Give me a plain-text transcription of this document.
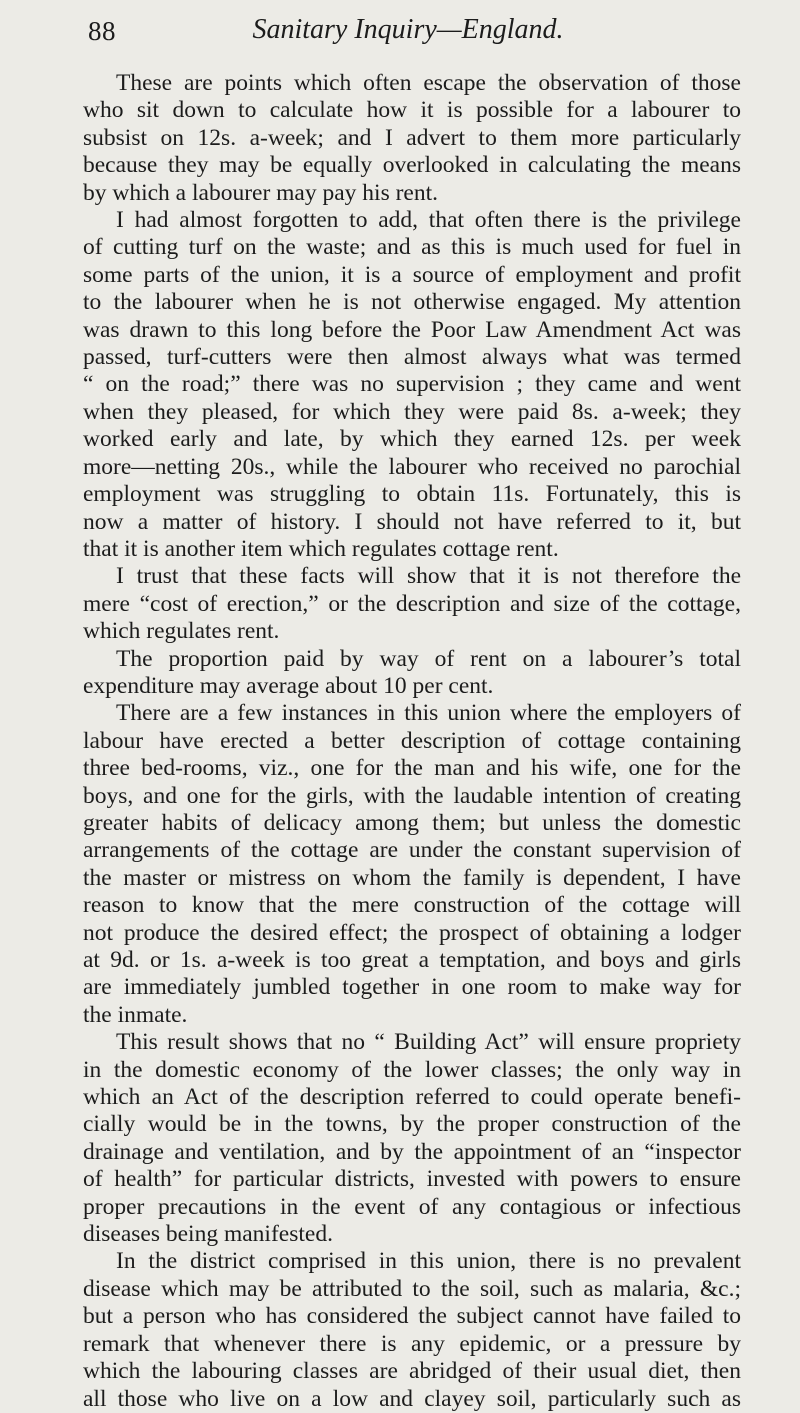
88	Sanitary Inquiry—England.
These are points which often escape the observation of those
who sit down to calculate how it is possible for a labourer to
subsist on 12s. a-week; and I advert to them more particularly
because they may be equally overlooked in calculating the means
by which a labourer may pay his rent.
I had almost forgotten to add, that often there is the privilege
of cutting turf on the waste; and as this is much used for fuel in
some parts of the union, it is a source of employment and profit
to the labourer when he is not otherwise engaged. My attention
was drawn to this long before the Poor Law Amendment Act was
passed, turf-cutters were then almost always what was termed
“ on the road;” there was no supervision ; they came and went
when they pleased, for which they were paid 8s. a-week; they
worked early and late, by which they earned 12s. per week
more—netting 20s., while the labourer who received no parochial
employment was struggling to obtain 11s. Fortunately, this is
now a matter of history. I should not have referred to it, but
that it is another item which regulates cottage rent.
I trust that these facts will show that it is not therefore the
mere “cost of erection,” or the description and size of the cottage,
which regulates rent.
The proportion paid by way of rent on a labourer’s total
expenditure may average about 10 per cent.
There are a few instances in this union where the employers of
labour have erected a better description of cottage containing
three bed-rooms, viz., one for the man and his wife, one for the
boys, and one for the girls, with the laudable intention of creating
greater habits of delicacy among them; but unless the domestic
arrangements of the cottage are under the constant supervision of
the master or mistress on whom the family is dependent, I have
reason to know that the mere construction of the cottage will
not produce the desired effect; the prospect of obtaining a lodger
at 9d. or 1s. a-week is too great a temptation, and boys and girls
are immediately jumbled together in one room to make way for
the inmate.
This result shows that no “ Building Act” will ensure propriety
in the domestic economy of the lower classes; the only way in
which an Act of the description referred to could operate benefi-
cially would be in the towns, by the proper construction of the
drainage and ventilation, and by the appointment of an “inspector
of health” for particular districts, invested with powers to ensure
proper precautions in the event of any contagious or infectious
diseases being manifested.
In the district comprised in this union, there is no prevalent
disease which may be attributed to the soil, such as malaria, &c.;
but a person who has considered the subject cannot have failed to
remark that whenever there is any epidemic, or a pressure by
which the labouring classes are abridged of their usual diet, then
all those who live on a low and clayey soil, particularly such as
